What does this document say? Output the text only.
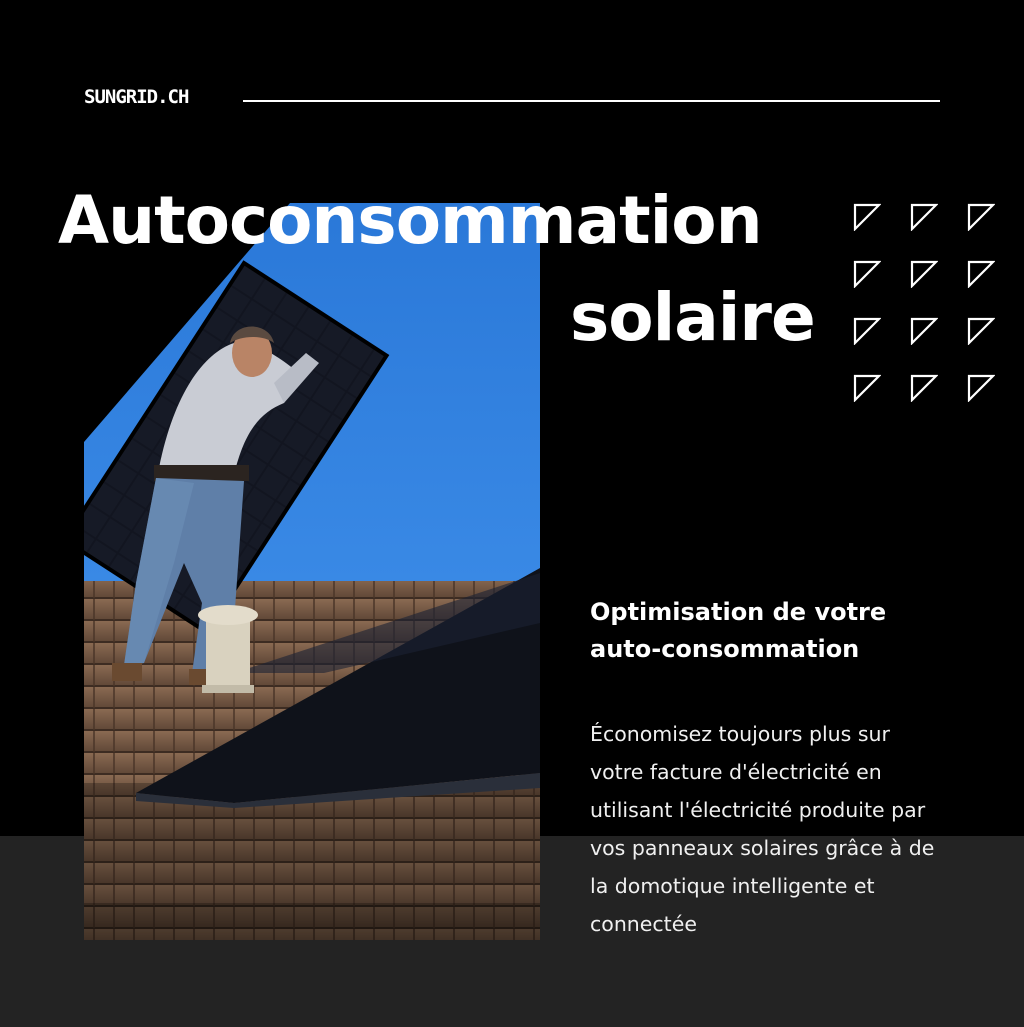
SUNGRID.CH
Autoconsommation
solaire
Optimisation de votre
auto-consommation
Économisez toujours plus sur
votre facture d'électricité en
utilisant l'électricité produite par
vos panneaux solaires grâce à de
la domotique intelligente et
connectée
